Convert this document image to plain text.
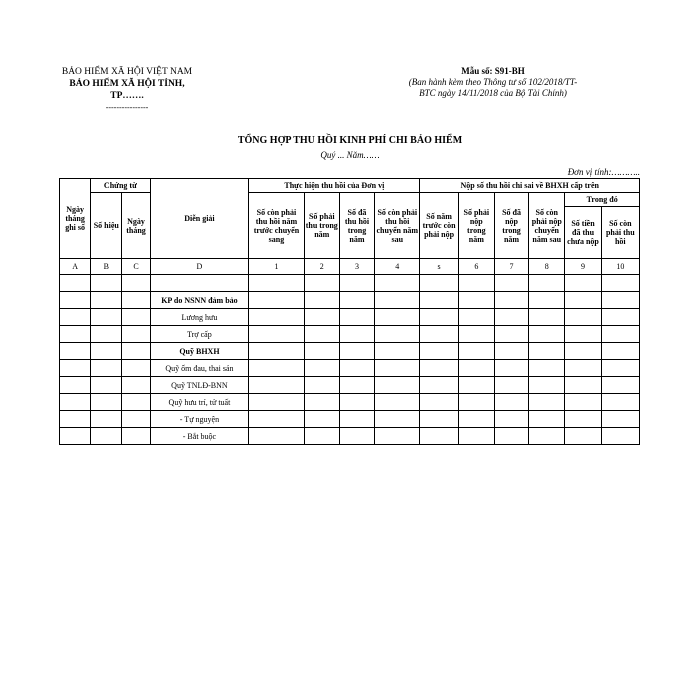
BẢO HIỂM XÃ HỘI VIỆT NAM
BẢO HIỂM XÃ HỘI TỈNH,
TP…….
----------------
Mẫu số: S91-BH
(Ban hành kèm theo Thông tư số 102/2018/TT-
BTC ngày 14/11/2018 của Bộ Tài Chính)
TỔNG HỢP THU HỒI KINH PHÍ CHI BẢO HIỂM
Quý ... Năm……
Đơn vị tính:………..
Ngày tháng ghi số	Chứng từ		Diễn giải	Thực hiện thu hồi của Đơn vị				Nộp số thu hồi chi sai về BHXH cấp trên					
	Số hiệu	Ngày tháng		Số còn phải thu hồi năm trước chuyển sang	Số phải thu trong năm	Số đã thu hồi trong năm	Số còn phải thu hồi chuyển năm sau	Số năm trước còn phải nộp	Số phải nộp trong năm	Số đã nộp trong năm	Số còn phải nộp chuyển năm sau	Trong đó	
												Số tiền đã thu chưa nộp	Số còn phải thu hồi
A	B	C	D	1	2	3	4	s	6	7	8	9	10

			KP do NSNN đảm bảo										
			Lương hưu										
			Trợ cấp										
			Quỹ BHXH										
			Quỹ ốm đau, thai sản										
			Quỹ TNLĐ-BNN										
			Quỹ hưu trí, tử tuất										
			- Tự nguyện										
			- Bắt buộc										
